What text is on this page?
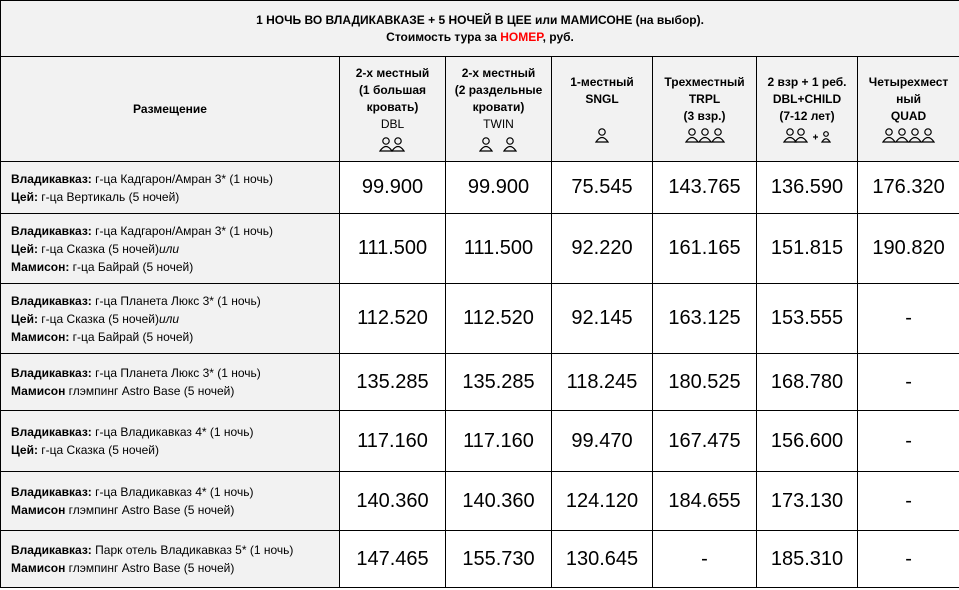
1 НОЧЬ ВО ВЛАДИКАВКАЗЕ + 5 НОЧЕЙ В ЦЕЕ или МАМИСОНЕ (на выбор).
Стоимость тура за НОМЕР, руб.						

Размещение	2-х местный
(1 большая
кровать)
DBL	2-х местный
(2 раздельные
кровати)
TWIN	1-местный
SNGL	Трехместный
TRPL
(3 взр.)	2 взр + 1 реб.
DBL+CHILD
(7-12 лет)	Четырехмест
ный
QUAD

Владикавказ: г-ца Кадгарон/Амран 3* (1 ночь)
Цей: г-ца Вертикаль (5 ночей)	99.900	99.900	75.545	143.765	136.590	176.320

Владикавказ: г-ца Кадгарон/Амран 3* (1 ночь)
Цей: г-ца Сказка (5 ночей)или
Мамисон: г-ца Байрай (5 ночей)	111.500	111.500	92.220	161.165	151.815	190.820

Владикавказ: г-ца Планета Люкс 3* (1 ночь)
Цей: г-ца Сказка (5 ночей)или
Мамисон: г-ца Байрай (5 ночей)	112.520	112.520	92.145	163.125	153.555	-

Владикавказ: г-ца Планета Люкс 3* (1 ночь)
Мамисон глэмпинг Astro Base (5 ночей)	135.285	135.285	118.245	180.525	168.780	-

Владикавказ: г-ца Владикавказ 4* (1 ночь)
Цей: г-ца Сказка (5 ночей)	117.160	117.160	99.470	167.475	156.600	-

Владикавказ: г-ца Владикавказ 4* (1 ночь)
Мамисон глэмпинг Astro Base (5 ночей)	140.360	140.360	124.120	184.655	173.130	-

Владикавказ: Парк отель Владикавказ 5* (1 ночь)
Мамисон глэмпинг Astro Base (5 ночей)	147.465	155.730	130.645	-	185.310	-
